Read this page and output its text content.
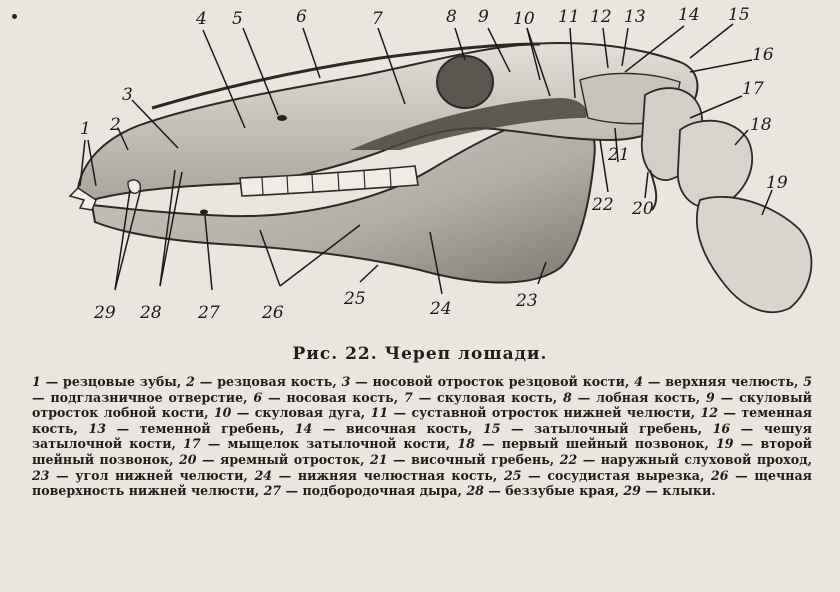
1 2
3
4 5	6	7	8 9 10 11 12 13 14 15
16
17
18
19
20
21
22
23
24
25
26
27
28
29
Рис. 22. Череп лошади.
1 — резцовые зубы, 2 — резцовая кость, 3 — носовой отросток резцовой кости, 4 — верхняя челюсть, 5 — подглазничное отверстие, 6 — носовая кость, 7 — скуловая кость, 8 — лобная кость, 9 — скуловый отросток лобной кости, 10 — скуловая дуга, 11 — суставной отросток нижней челюсти, 12 — теменная кость, 13 — теменной гребень, 14 — височная кость, 15 — затылочный гребень, 16 — чешуя затылочной кости, 17 — мыщелок затылочной кости, 18 — первый шейный позвонок, 19 — второй шейный позвонок, 20 — яремный отросток, 21 — височный гребень, 22 — наружный слуховой проход, 23 — угол нижней челюсти, 24 — нижняя челюстная кость, 25 — сосудистая вырезка, 26 — щечная поверхность нижней челюсти, 27 — подбородочная дыра, 28 — беззубые края, 29 — клыки.
